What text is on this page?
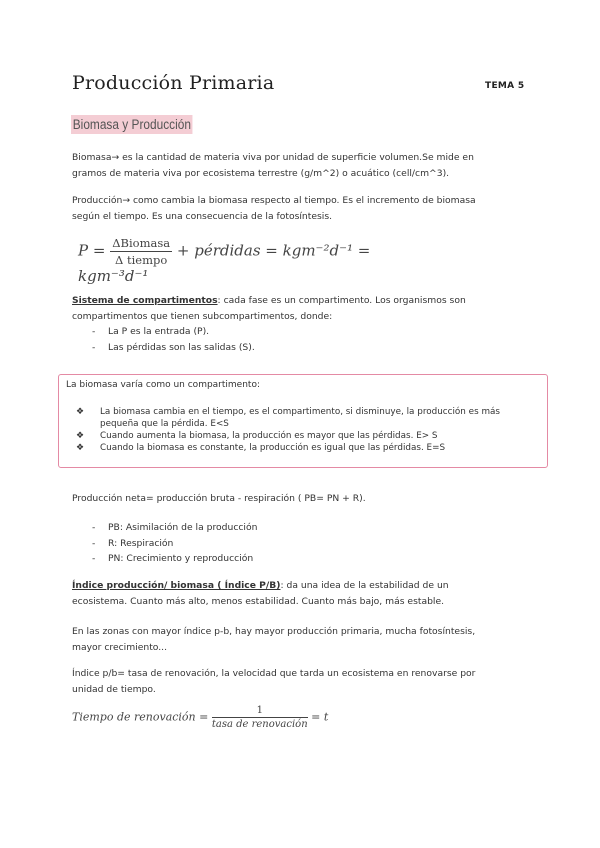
Producción Primaria	TEMA 5
Biomasa y Producción
Biomasa→ es la cantidad de materia viva por unidad de superficie volumen.Se mide en
gramos de materia viva por ecosistema terrestre (g/m^2) o acuático (cell/cm^3).
Producción→ como cambia la biomasa respecto al tiempo. Es el incremento de biomasa
según el tiempo. Es una consecuencia de la fotosíntesis.
$P = \frac{\text{ΔBiomasa}}{\text{Δ tiempo}}$ + pérdidas = kgm⁻²d⁻¹ = kgm⁻³d⁻¹
Sistema de compartimentos: cada fase es un compartimento. Los organismos son
compartimentos que tienen subcompartimentos, donde:
- La P es la entrada (P).
- Las pérdidas son las salidas (S).
La biomasa varía como un compartimento:
❖ La biomasa cambia en el tiempo, es el compartimento, si disminuye, la producción es más
pequeña que la pérdida. E<S
❖ Cuando aumenta la biomasa, la producción es mayor que las pérdidas. E> S
❖ Cuando la biomasa es constante, la producción es igual que las pérdidas. E=S
Producción neta= producción bruta - respiración ( PB= PN + R).
- PB: Asimilación de la producción
- R: Respiración
- PN: Crecimiento y reproducción
Índice producción/ biomasa ( Índice P/B): da una idea de la estabilidad de un
ecosistema. Cuanto más alto, menos estabilidad. Cuanto más bajo, más estable.
En las zonas con mayor índice p-b, hay mayor producción primaria, mucha fotosíntesis,
mayor crecimiento...
Índice p/b= tasa de renovación, la velocidad que tarda un ecosistema en renovarse por
unidad de tiempo.
Tiempo de renovación = $\frac{1}{\text{tasa de renovación}} = t$
